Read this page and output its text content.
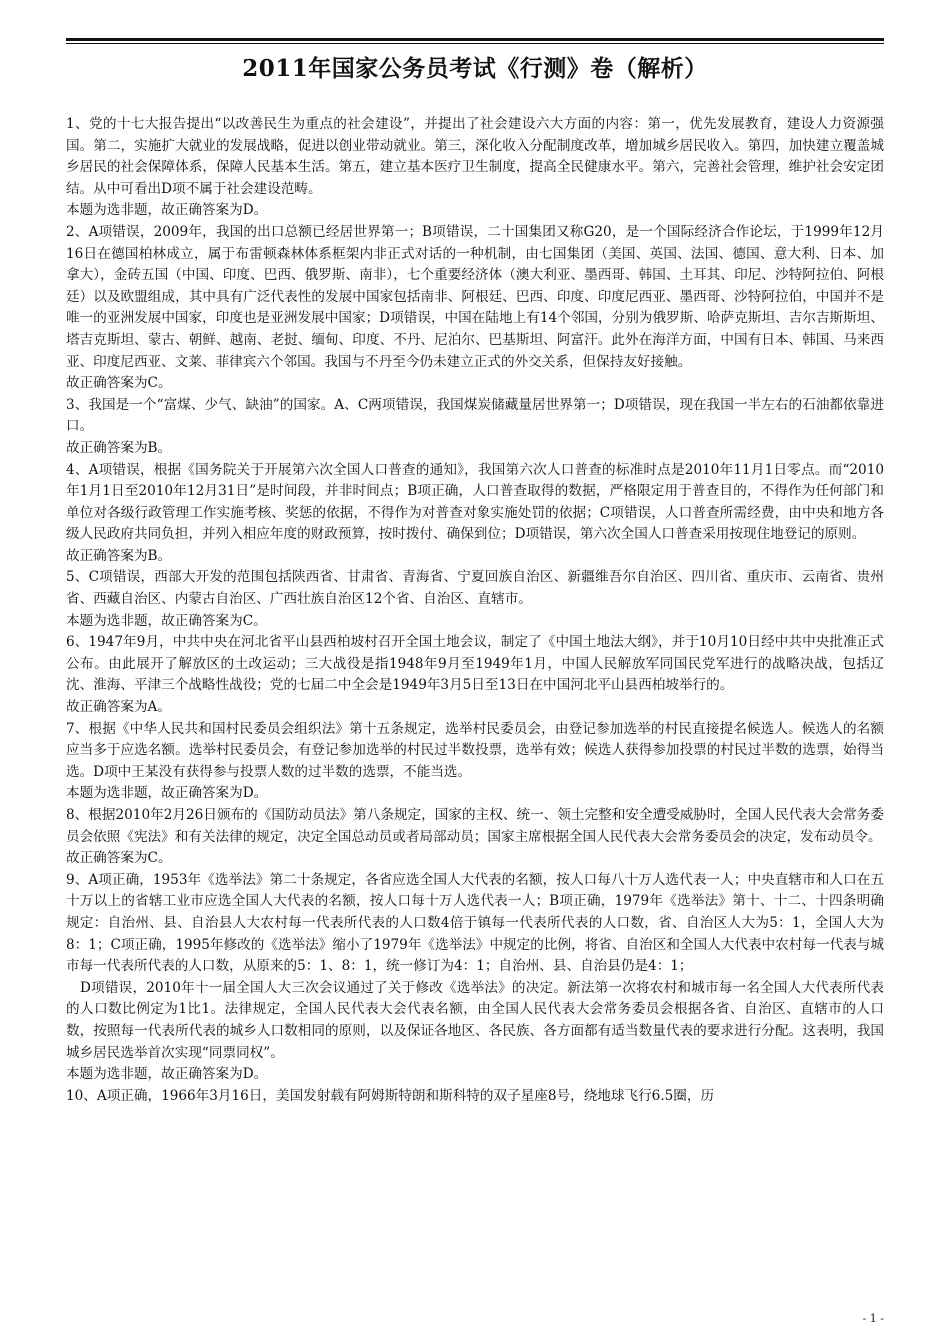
2011年国家公务员考试《行测》卷（解析）

1、党的十七大报告提出“以改善民生为重点的社会建设”，并提出了社会建设六大方面的内容：第一，优先发展教育，建设人力资源强国。第二，实施扩大就业的发展战略，促进以创业带动就业。第三，深化收入分配制度改革，增加城乡居民收入。第四，加快建立覆盖城乡居民的社会保障体系，保障人民基本生活。第五，建立基本医疗卫生制度，提高全民健康水平。第六，完善社会管理，维护社会安定团结。从中可看出D项不属于社会建设范畴。

本题为选非题，故正确答案为D。

2、A项错误，2009年，我国的出口总额已经居世界第一；B项错误，二十国集团又称G20，是一个国际经济合作论坛，于1999年12月16日在德国柏林成立，属于布雷顿森林体系框架内非正式对话的一种机制，由七国集团（美国、英国、法国、德国、意大利、日本、加拿大），金砖五国（中国、印度、巴西、俄罗斯、南非），七个重要经济体（澳大利亚、墨西哥、韩国、土耳其、印尼、沙特阿拉伯、阿根廷）以及欧盟组成，其中具有广泛代表性的发展中国家包括南非、阿根廷、巴西、印度、印度尼西亚、墨西哥、沙特阿拉伯，中国并不是唯一的亚洲发展中国家，印度也是亚洲发展中国家；D项错误，中国在陆地上有14个邻国，分别为俄罗斯、哈萨克斯坦、吉尔吉斯斯坦、塔吉克斯坦、蒙古、朝鲜、越南、老挝、缅甸、印度、不丹、尼泊尔、巴基斯坦、阿富汗。此外在海洋方面，中国有日本、韩国、马来西亚、印度尼西亚、文莱、菲律宾六个邻国。我国与不丹至今仍未建立正式的外交关系，但保持友好接触。

故正确答案为C。

3、我国是一个“富煤、少气、缺油”的国家。A、C两项错误，我国煤炭储藏量居世界第一；D项错误，现在我国一半左右的石油都依靠进口。

故正确答案为B。

4、A项错误，根据《国务院关于开展第六次全国人口普查的通知》，我国第六次人口普查的标准时点是2010年11月1日零点。而“2010年1月1日至2010年12月31日”是时间段，并非时间点；B项正确，人口普查取得的数据，严格限定用于普查目的，不得作为任何部门和单位对各级行政管理工作实施考核、奖惩的依据，不得作为对普查对象实施处罚的依据；C项错误，人口普查所需经费，由中央和地方各级人民政府共同负担，并列入相应年度的财政预算，按时拨付、确保到位；D项错误，第六次全国人口普查采用按现住地登记的原则。

故正确答案为B。

5、C项错误，西部大开发的范围包括陕西省、甘肃省、青海省、宁夏回族自治区、新疆维吾尔自治区、四川省、重庆市、云南省、贵州省、西藏自治区、内蒙古自治区、广西壮族自治区12个省、自治区、直辖市。

本题为选非题，故正确答案为C。

6、1947年9月，中共中央在河北省平山县西柏坡村召开全国土地会议，制定了《中国土地法大纲》，并于10月10日经中共中央批准正式公布。由此展开了解放区的土改运动；三大战役是指1948年9月至1949年1月，中国人民解放军同国民党军进行的战略决战，包括辽沈、淮海、平津三个战略性战役；党的七届二中全会是1949年3月5日至13日在中国河北平山县西柏坡举行的。

故正确答案为A。

7、根据《中华人民共和国村民委员会组织法》第十五条规定，选举村民委员会，由登记参加选举的村民直接提名候选人。候选人的名额应当多于应选名额。选举村民委员会，有登记参加选举的村民过半数投票，选举有效；候选人获得参加投票的村民过半数的选票，始得当选。D项中王某没有获得参与投票人数的过半数的选票，不能当选。

本题为选非题，故正确答案为D。

8、根据2010年2月26日颁布的《国防动员法》第八条规定，国家的主权、统一、领土完整和安全遭受威胁时，全国人民代表大会常务委员会依照《宪法》和有关法律的规定，决定全国总动员或者局部动员；国家主席根据全国人民代表大会常务委员会的决定，发布动员令。

故正确答案为C。

9、A项正确，1953年《选举法》第二十条规定，各省应选全国人大代表的名额，按人口每八十万人选代表一人；中央直辖市和人口在五十万以上的省辖工业市应选全国人大代表的名额，按人口每十万人选代表一人；B项正确，1979年《选举法》第十、十二、十四条明确规定：自治州、县、自治县人大农村每一代表所代表的人口数4倍于镇每一代表所代表的人口数，省、自治区人大为5：1，全国人大为8：1；C项正确，1995年修改的《选举法》缩小了1979年《选举法》中规定的比例，将省、自治区和全国人大代表中农村每一代表与城市每一代表所代表的人口数，从原来的5：1、8：1，统一修订为4：1；自治州、县、自治县仍是4：1；

D项错误，2010年十一届全国人大三次会议通过了关于修改《选举法》的决定。新法第一次将农村和城市每一名全国人大代表所代表的人口数比例定为1比1。法律规定，全国人民代表大会代表名额，由全国人民代表大会常务委员会根据各省、自治区、直辖市的人口数，按照每一代表所代表的城乡人口数相同的原则，以及保证各地区、各民族、各方面都有适当数量代表的要求进行分配。这表明，我国城乡居民选举首次实现“同票同权”。

本题为选非题，故正确答案为D。

10、A项正确，1966年3月16日，美国发射载有阿姆斯特朗和斯科特的双子星座8号，绕地球飞行6.5圈，历

- 1 -
